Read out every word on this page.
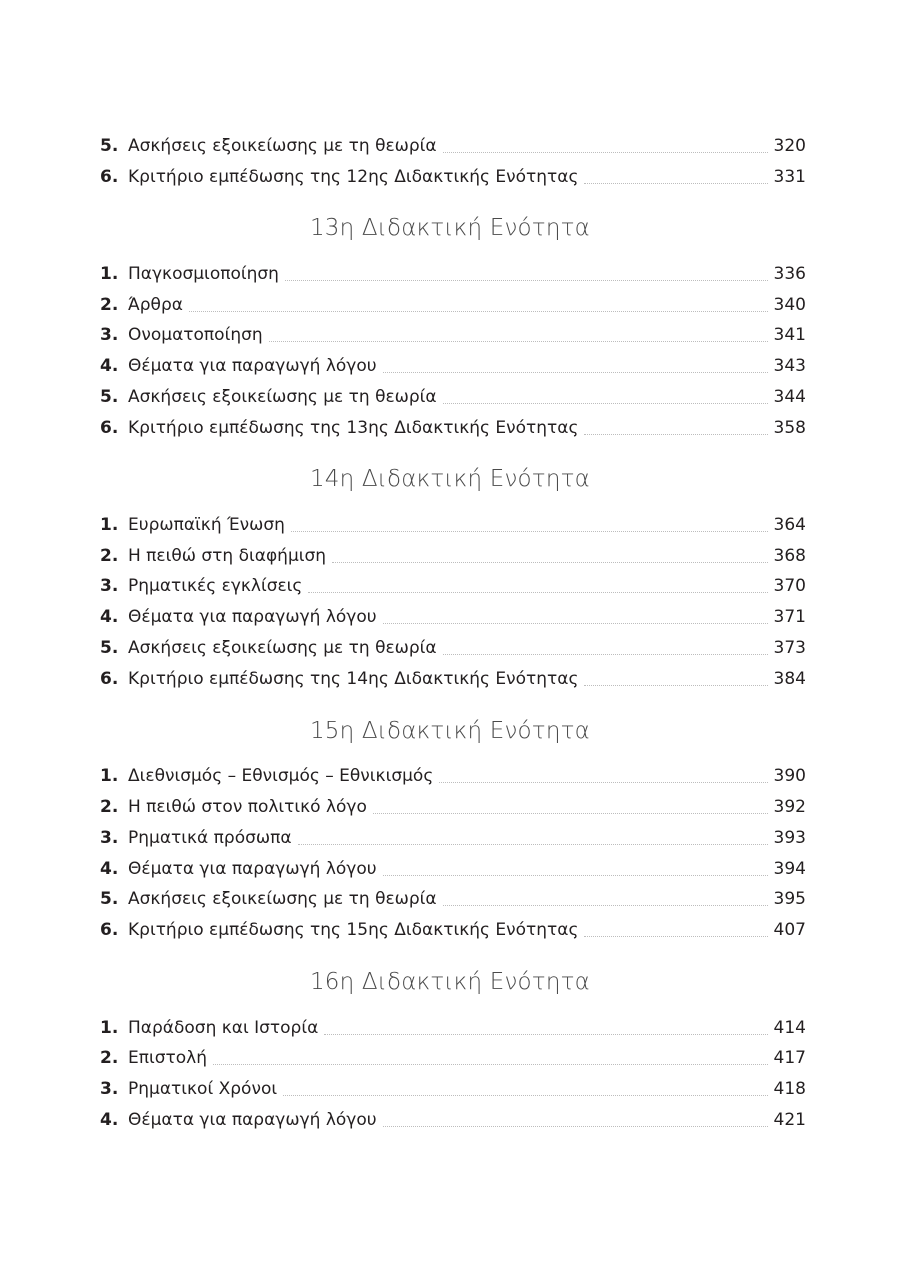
5. Ασκήσεις εξοικείωσης με τη θεωρία	320
6. Κριτήριο εμπέδωσης της 12ης Διδακτικής Ενότητας	331
13η Διδακτική Ενότητα
1. Παγκοσμιοποίηση	336
2. Άρθρα	340
3. Ονοματοποίηση	341
4. Θέματα για παραγωγή λόγου	343
5. Ασκήσεις εξοικείωσης με τη θεωρία	344
6. Κριτήριο εμπέδωσης της 13ης Διδακτικής Ενότητας	358
14η Διδακτική Ενότητα
1. Ευρωπαϊκή Ένωση	364
2. Η πειθώ στη διαφήμιση	368
3. Ρηματικές εγκλίσεις	370
4. Θέματα για παραγωγή λόγου	371
5. Ασκήσεις εξοικείωσης με τη θεωρία	373
6. Κριτήριο εμπέδωσης της 14ης Διδακτικής Ενότητας	384
15η Διδακτική Ενότητα
1. Διεθνισμός – Εθνισμός – Εθνικισμός	390
2. Η πειθώ στον πολιτικό λόγο	392
3. Ρηματικά πρόσωπα	393
4. Θέματα για παραγωγή λόγου	394
5. Ασκήσεις εξοικείωσης με τη θεωρία	395
6. Κριτήριο εμπέδωσης της 15ης Διδακτικής Ενότητας	407
16η Διδακτική Ενότητα
1. Παράδοση και Ιστορία	414
2. Επιστολή	417
3. Ρηματικοί Χρόνοι	418
4. Θέματα για παραγωγή λόγου	421
